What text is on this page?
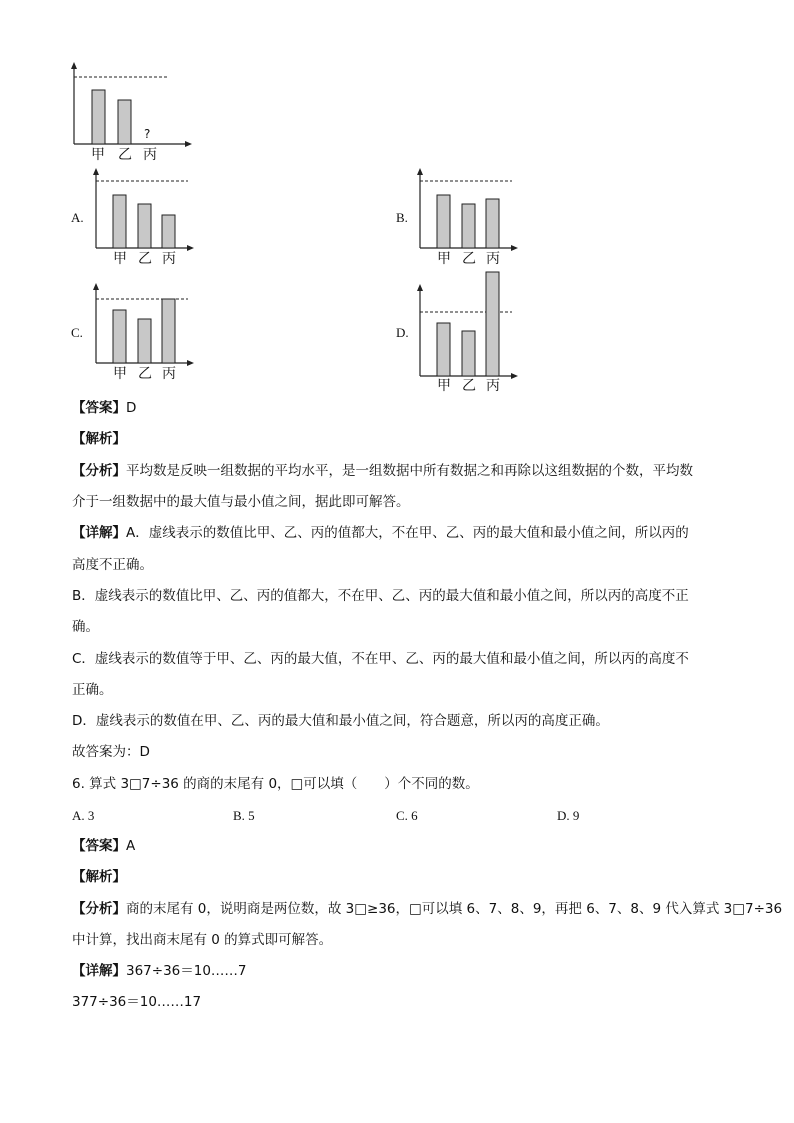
?
甲 乙 丙
A.
甲 乙 丙
B.
甲 乙 丙
C.
甲 乙 丙
D.
甲 乙 丙
【答案】D
【解析】
【分析】平均数是反映一组数据的平均水平，是一组数据中所有数据之和再除以这组数据的个数，平均数
介于一组数据中的最大值与最小值之间，据此即可解答。
【详解】A．虚线表示的数值比甲、乙、丙的值都大，不在甲、乙、丙的最大值和最小值之间，所以丙的
高度不正确。
B．虚线表示的数值比甲、乙、丙的值都大，不在甲、乙、丙的最大值和最小值之间，所以丙的高度不正
确。
C．虚线表示的数值等于甲、乙、丙的最大值，不在甲、乙、丙的最大值和最小值之间，所以丙的高度不
正确。
D．虚线表示的数值在甲、乙、丙的最大值和最小值之间，符合题意，所以丙的高度正确。
故答案为：D
6. 算式 3□7÷36 的商的末尾有 0，□可以填（　　）个不同的数。
A. 3	B. 5	C. 6	D. 9
【答案】A
【解析】
【分析】商的末尾有 0，说明商是两位数，故 3□≥36，□可以填 6、7、8、9，再把 6、7、8、9 代入算式 3□7÷36
中计算，找出商末尾有 0 的算式即可解答。
【详解】367÷36＝10……7
377÷36＝10……17
